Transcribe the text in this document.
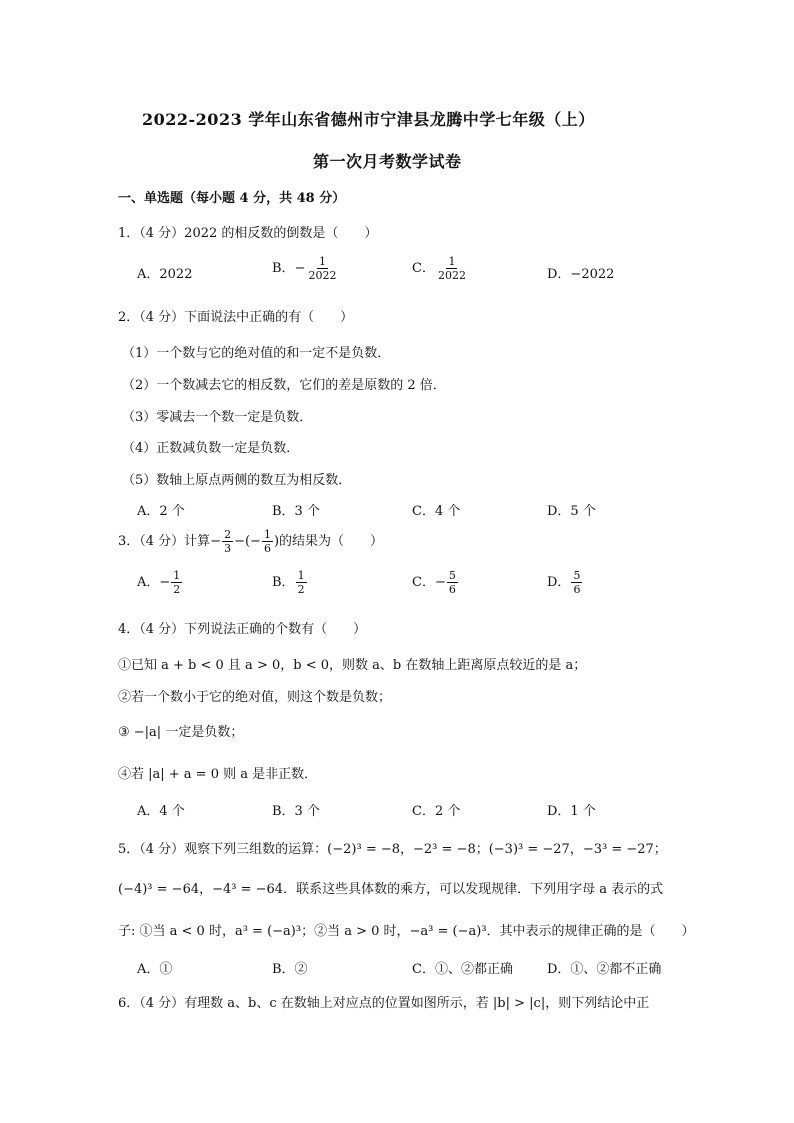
2022-2023 学年山东省德州市宁津县龙腾中学七年级（上）
第一次月考数学试卷
一、单选题（每小题 4 分，共 48 分）
1．（4 分）2022 的相反数的倒数是（　　）
A．2022	B．− $\frac{1}{2022}$	C． $\frac{1}{2022}$	D．−2022
2．（4 分）下面说法中正确的有（　　）
（1）一个数与它的绝对值的和一定不是负数．
（2）一个数减去它的相反数，它们的差是原数的 2 倍．
（3）零减去一个数一定是负数．
（4）正数减负数一定是负数．
（5）数轴上原点两侧的数互为相反数．
A．2 个	B．3 个	C．4 个	D．5 个
3．（4 分）计算− $\frac{2}{3}$ −(− $\frac{1}{6}$ )的结果为（　　）
A．− $\frac{1}{2}$	B． $\frac{1}{2}$	C．− $\frac{5}{6}$	D． $\frac{5}{6}$
4．（4 分）下列说法正确的个数有（　　）
①已知 a + b < 0 且 a > 0，b < 0，则数 a、b 在数轴上距离原点较近的是 a；
②若一个数小于它的绝对值，则这个数是负数；
③ −|a| 一定是负数；
④若 |a| + a = 0 则 a 是非正数．
A．4 个	B．3 个	C．2 个	D．1 个
5．（4 分）观察下列三组数的运算：(−2)³ = −8，−2³ = −8；(−3)³ = −27，−3³ = −27；
(−4)³ = −64，−4³ = −64．联系这些具体数的乘方，可以发现规律．下列用字母 a 表示的式
子: ①当 a < 0 时，a³ = (−a)³；②当 a > 0 时，−a³ = (−a)³．其中表示的规律正确的是（　　）
A．①	B．②	C．①、②都正确	D．①、②都不正确
6．（4 分）有理数 a、b、c 在数轴上对应点的位置如图所示，若 |b| > |c|，则下列结论中正
